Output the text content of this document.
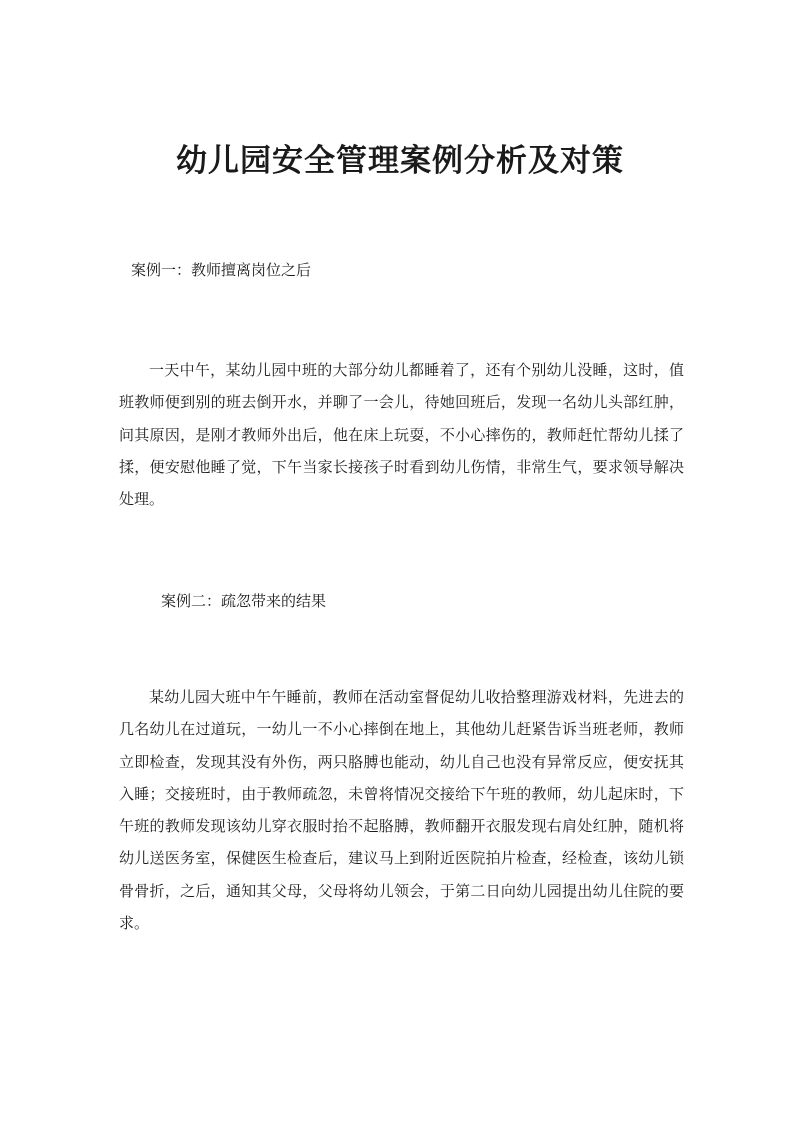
幼儿园安全管理案例分析及对策
案例一：教师擅离岗位之后

一天中午，某幼儿园中班的大部分幼儿都睡着了，还有个别幼儿没睡，这时，值班教师便到别的班去倒开水，并聊了一会儿，待她回班后，发现一名幼儿头部红肿，问其原因，是刚才教师外出后，他在床上玩耍，不小心摔伤的，教师赶忙帮幼儿揉了揉，便安慰他睡了觉，下午当家长接孩子时看到幼儿伤情，非常生气，要求领导解决处理。

案例二：疏忽带来的结果

某幼儿园大班中午午睡前，教师在活动室督促幼儿收拾整理游戏材料，先进去的几名幼儿在过道玩，一幼儿一不小心摔倒在地上，其他幼儿赶紧告诉当班老师，教师立即检查，发现其没有外伤，两只胳膊也能动，幼儿自己也没有异常反应，便安抚其入睡；交接班时，由于教师疏忽，未曾将情况交接给下午班的教师，幼儿起床时，下午班的教师发现该幼儿穿衣服时抬不起胳膊，教师翻开衣服发现右肩处红肿，随机将幼儿送医务室，保健医生检查后，建议马上到附近医院拍片检查，经检查，该幼儿锁骨骨折，之后，通知其父母，父母将幼儿领会，于第二日向幼儿园提出幼儿住院的要求。
